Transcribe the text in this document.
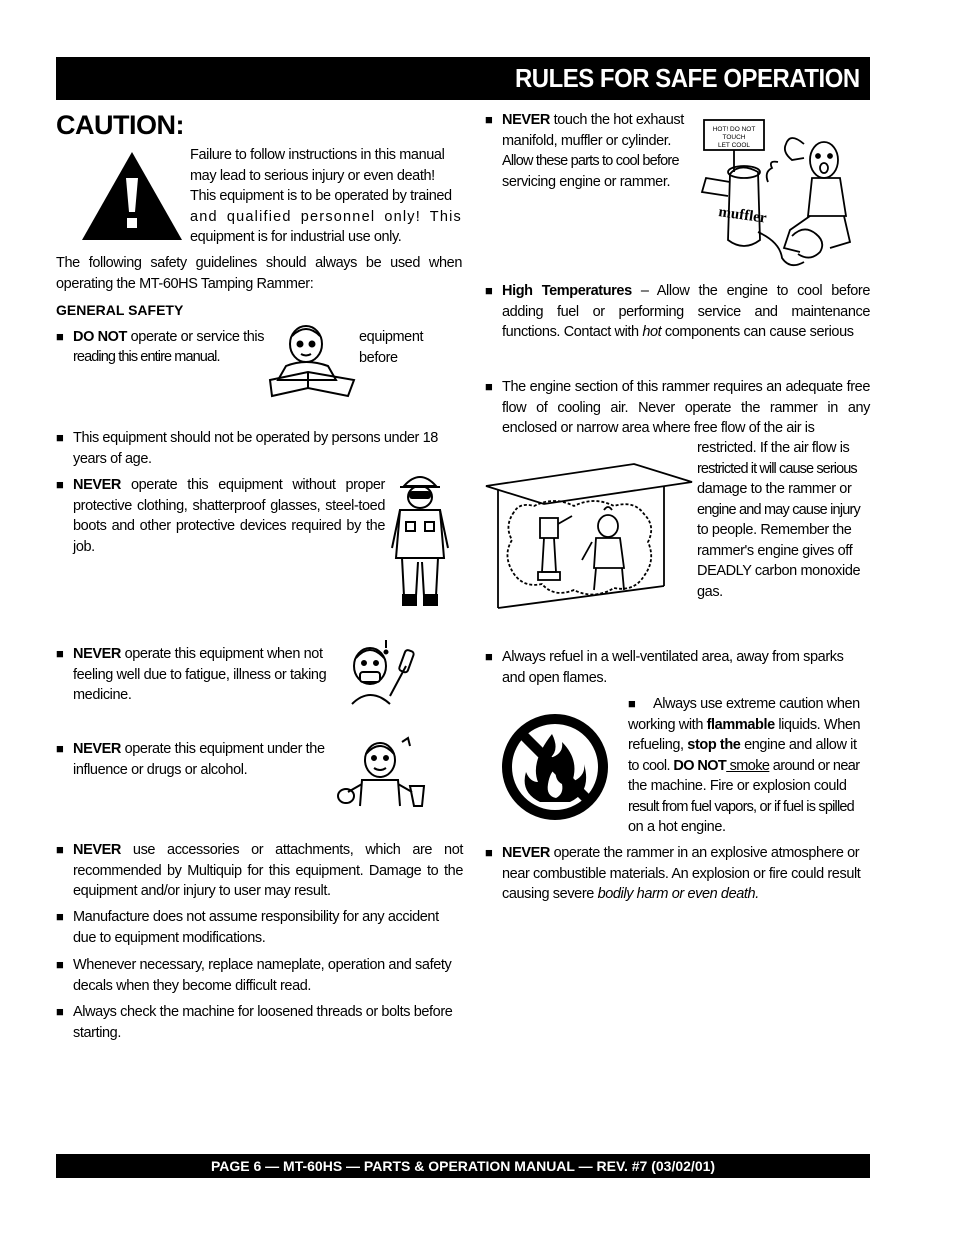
RULES FOR SAFE OPERATION
CAUTION:
Failure to follow instructions in this manual
may lead to serious injury or even death!
This equipment is to be operated by trained
and qualified personnel only! This
equipment is for industrial use only.
The following safety guidelines should always be used when operating the MT-60HS Tamping Rammer:
GENERAL SAFETY
■ DO NOT operate or service this	equipment before
reading this entire manual.
■ This equipment should not be operated by persons under 18 years of age.
■ NEVER operate this equipment without proper protective clothing, shatterproof glasses, steel-toed boots and other protective devices required by the job.
■ NEVER operate this equipment when not feeling well due to fatigue, illness or taking medicine.
■ NEVER operate this equipment under the influence or drugs or alcohol.
■ NEVER use accessories or attachments, which are not recommended by Multiquip for this equipment. Damage to the equipment and/or injury to user may result.
■ Manufacture does not assume responsibility for any accident due to equipment modifications.
■ Whenever necessary, replace nameplate, operation and safety decals when they become difficult read.
■ Always check the machine for loosened threads or bolts before starting.
■ NEVER touch the hot exhaust
manifold, muffler or cylinder.
Allow these parts to cool before
servicing engine or rammer.
HOT! DO NOT
TOUCH
LET COOL
muffler
■ High Temperatures – Allow the engine to cool before adding fuel or performing service and maintenance functions. Contact with hot components can cause serious
■ The engine section of this rammer requires an adequate free flow of cooling air. Never operate the rammer in any enclosed or narrow area where free flow of the air is
restricted. If the air flow is
restricted it will cause serious
damage to the rammer or
engine and may cause injury
to people. Remember the
rammer's engine gives off
DEADLY carbon monoxide
gas.
■ Always refuel in a well-ventilated area, away from sparks and open flames.
■	Always use extreme caution when
working with flammable liquids. When
refueling, stop the engine and allow it
to cool. DO NOT smoke around or near
the machine. Fire or explosion could
result from fuel vapors, or if fuel is spilled
on a hot engine.
■ NEVER operate the rammer in an explosive atmosphere or near combustible materials. An explosion or fire could result causing severe bodily harm or even death.
PAGE 6 — MT-60HS — PARTS & OPERATION MANUAL — REV. #7 (03/02/01)
